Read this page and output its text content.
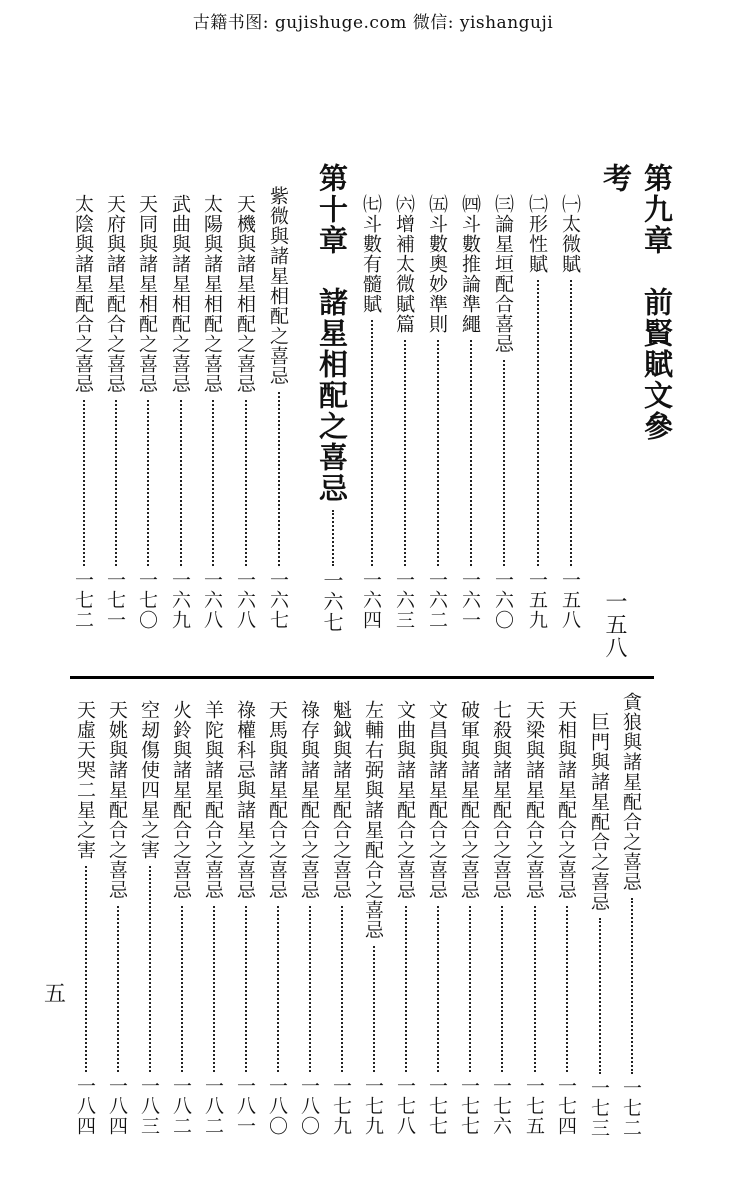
古籍书图: gujishuge.com 微信: yishanguji
第九章　前賢賦文參考
一五八
㈠太微賦
一五八
㈡形性賦
一五九
㈢論星垣配合喜忌
一六〇
㈣斗數推論準繩
一六一
㈤斗數奧妙準則
一六二
㈥增補太微賦篇
一六三
㈦斗數有髓賦
一六四
第十章　諸星相配之喜忌
一六七
紫微與諸星相配之喜忌
一六七
天機與諸星相配之喜忌
一六八
太陽與諸星相配之喜忌
一六八
武曲與諸星相配之喜忌
一六九
天同與諸星相配之喜忌
一七〇
天府與諸星配合之喜忌
一七一
太陰與諸星配合之喜忌
一七二
貪狼與諸星配合之喜忌
一七二
巨門與諸星配合之喜忌
一七三
天相與諸星配合之喜忌
一七四
天梁與諸星配合之喜忌
一七五
七殺與諸星配合之喜忌
一七六
破軍與諸星配合之喜忌
一七七
文昌與諸星配合之喜忌
一七七
文曲與諸星配合之喜忌
一七八
左輔右弼與諸星配合之喜忌
一七九
魁鉞與諸星配合之喜忌
一七九
祿存與諸星配合之喜忌
一八〇
天馬與諸星配合之喜忌
一八〇
祿權科忌與諸星之喜忌
一八一
羊陀與諸星配合之喜忌
一八二
火鈴與諸星配合之喜忌
一八二
空刼傷使四星之害
一八三
天姚與諸星配合之喜忌
一八四
天虛天哭二星之害
一八四
五
